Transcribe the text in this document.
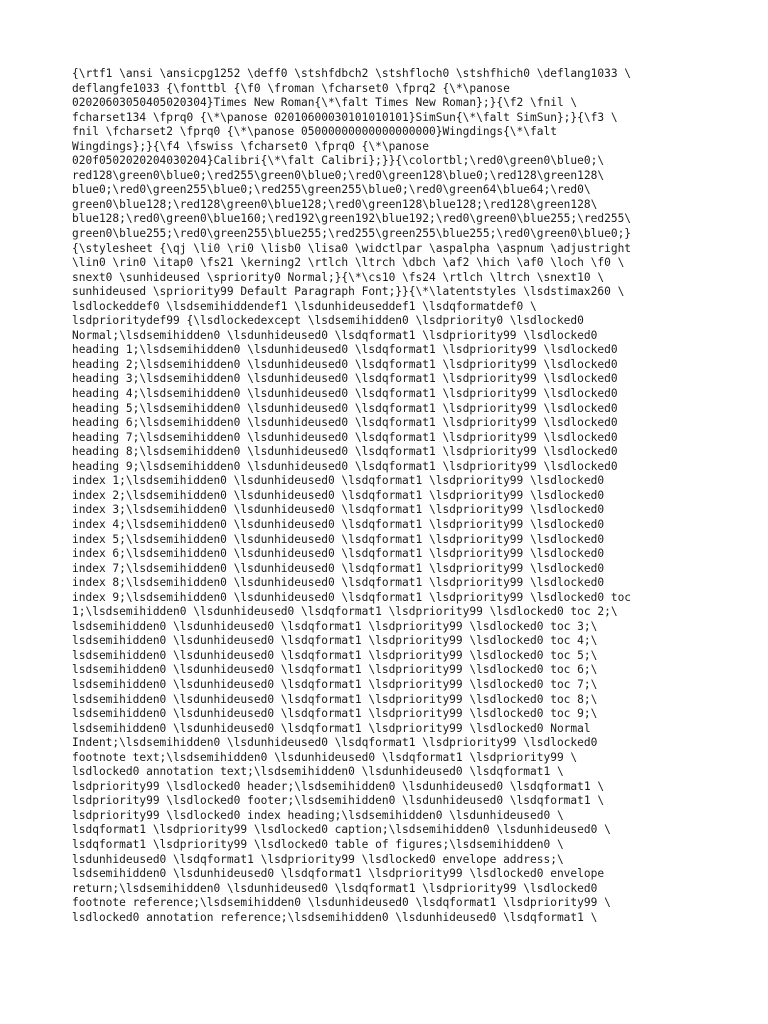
{\rtf1 \ansi \ansicpg1252 \deff0 \stshfdbch2 \stshfloch0 \stshfhich0 \deflang1033 \
deflangfe1033 {\fonttbl {\f0 \froman \fcharset0 \fprq2 {\*\panose
02020603050405020304}Times New Roman{\*\falt Times New Roman};}{\f2 \fnil \
fcharset134 \fprq0 {\*\panose 02010600030101010101}SimSun{\*\falt SimSun};}{\f3 \
fnil \fcharset2 \fprq0 {\*\panose 05000000000000000000}Wingdings{\*\falt
Wingdings};}{\f4 \fswiss \fcharset0 \fprq0 {\*\panose
020f0502020204030204}Calibri{\*\falt Calibri};}}{\colortbl;\red0\green0\blue0;\
red128\green0\blue0;\red255\green0\blue0;\red0\green128\blue0;\red128\green128\
blue0;\red0\green255\blue0;\red255\green255\blue0;\red0\green64\blue64;\red0\
green0\blue128;\red128\green0\blue128;\red0\green128\blue128;\red128\green128\
blue128;\red0\green0\blue160;\red192\green192\blue192;\red0\green0\blue255;\red255\
green0\blue255;\red0\green255\blue255;\red255\green255\blue255;\red0\green0\blue0;}
{\stylesheet {\qj \li0 \ri0 \lisb0 \lisa0 \widctlpar \aspalpha \aspnum \adjustright
\lin0 \rin0 \itap0 \fs21 \kerning2 \rtlch \ltrch \dbch \af2 \hich \af0 \loch \f0 \
snext0 \sunhideused \spriority0 Normal;}{\*\cs10 \fs24 \rtlch \ltrch \snext10 \
sunhideused \spriority99 Default Paragraph Font;}}{\*\latentstyles \lsdstimax260 \
lsdlockeddef0 \lsdsemihiddendef1 \lsdunhideuseddef1 \lsdqformatdef0 \
lsdprioritydef99 {\lsdlockedexcept \lsdsemihidden0 \lsdpriority0 \lsdlocked0
Normal;\lsdsemihidden0 \lsdunhideused0 \lsdqformat1 \lsdpriority99 \lsdlocked0
heading 1;\lsdsemihidden0 \lsdunhideused0 \lsdqformat1 \lsdpriority99 \lsdlocked0
heading 2;\lsdsemihidden0 \lsdunhideused0 \lsdqformat1 \lsdpriority99 \lsdlocked0
heading 3;\lsdsemihidden0 \lsdunhideused0 \lsdqformat1 \lsdpriority99 \lsdlocked0
heading 4;\lsdsemihidden0 \lsdunhideused0 \lsdqformat1 \lsdpriority99 \lsdlocked0
heading 5;\lsdsemihidden0 \lsdunhideused0 \lsdqformat1 \lsdpriority99 \lsdlocked0
heading 6;\lsdsemihidden0 \lsdunhideused0 \lsdqformat1 \lsdpriority99 \lsdlocked0
heading 7;\lsdsemihidden0 \lsdunhideused0 \lsdqformat1 \lsdpriority99 \lsdlocked0
heading 8;\lsdsemihidden0 \lsdunhideused0 \lsdqformat1 \lsdpriority99 \lsdlocked0
heading 9;\lsdsemihidden0 \lsdunhideused0 \lsdqformat1 \lsdpriority99 \lsdlocked0
index 1;\lsdsemihidden0 \lsdunhideused0 \lsdqformat1 \lsdpriority99 \lsdlocked0
index 2;\lsdsemihidden0 \lsdunhideused0 \lsdqformat1 \lsdpriority99 \lsdlocked0
index 3;\lsdsemihidden0 \lsdunhideused0 \lsdqformat1 \lsdpriority99 \lsdlocked0
index 4;\lsdsemihidden0 \lsdunhideused0 \lsdqformat1 \lsdpriority99 \lsdlocked0
index 5;\lsdsemihidden0 \lsdunhideused0 \lsdqformat1 \lsdpriority99 \lsdlocked0
index 6;\lsdsemihidden0 \lsdunhideused0 \lsdqformat1 \lsdpriority99 \lsdlocked0
index 7;\lsdsemihidden0 \lsdunhideused0 \lsdqformat1 \lsdpriority99 \lsdlocked0
index 8;\lsdsemihidden0 \lsdunhideused0 \lsdqformat1 \lsdpriority99 \lsdlocked0
index 9;\lsdsemihidden0 \lsdunhideused0 \lsdqformat1 \lsdpriority99 \lsdlocked0 toc
1;\lsdsemihidden0 \lsdunhideused0 \lsdqformat1 \lsdpriority99 \lsdlocked0 toc 2;\
lsdsemihidden0 \lsdunhideused0 \lsdqformat1 \lsdpriority99 \lsdlocked0 toc 3;\
lsdsemihidden0 \lsdunhideused0 \lsdqformat1 \lsdpriority99 \lsdlocked0 toc 4;\
lsdsemihidden0 \lsdunhideused0 \lsdqformat1 \lsdpriority99 \lsdlocked0 toc 5;\
lsdsemihidden0 \lsdunhideused0 \lsdqformat1 \lsdpriority99 \lsdlocked0 toc 6;\
lsdsemihidden0 \lsdunhideused0 \lsdqformat1 \lsdpriority99 \lsdlocked0 toc 7;\
lsdsemihidden0 \lsdunhideused0 \lsdqformat1 \lsdpriority99 \lsdlocked0 toc 8;\
lsdsemihidden0 \lsdunhideused0 \lsdqformat1 \lsdpriority99 \lsdlocked0 toc 9;\
lsdsemihidden0 \lsdunhideused0 \lsdqformat1 \lsdpriority99 \lsdlocked0 Normal
Indent;\lsdsemihidden0 \lsdunhideused0 \lsdqformat1 \lsdpriority99 \lsdlocked0
footnote text;\lsdsemihidden0 \lsdunhideused0 \lsdqformat1 \lsdpriority99 \
lsdlocked0 annotation text;\lsdsemihidden0 \lsdunhideused0 \lsdqformat1 \
lsdpriority99 \lsdlocked0 header;\lsdsemihidden0 \lsdunhideused0 \lsdqformat1 \
lsdpriority99 \lsdlocked0 footer;\lsdsemihidden0 \lsdunhideused0 \lsdqformat1 \
lsdpriority99 \lsdlocked0 index heading;\lsdsemihidden0 \lsdunhideused0 \
lsdqformat1 \lsdpriority99 \lsdlocked0 caption;\lsdsemihidden0 \lsdunhideused0 \
lsdqformat1 \lsdpriority99 \lsdlocked0 table of figures;\lsdsemihidden0 \
lsdunhideused0 \lsdqformat1 \lsdpriority99 \lsdlocked0 envelope address;\
lsdsemihidden0 \lsdunhideused0 \lsdqformat1 \lsdpriority99 \lsdlocked0 envelope
return;\lsdsemihidden0 \lsdunhideused0 \lsdqformat1 \lsdpriority99 \lsdlocked0
footnote reference;\lsdsemihidden0 \lsdunhideused0 \lsdqformat1 \lsdpriority99 \
lsdlocked0 annotation reference;\lsdsemihidden0 \lsdunhideused0 \lsdqformat1 \
